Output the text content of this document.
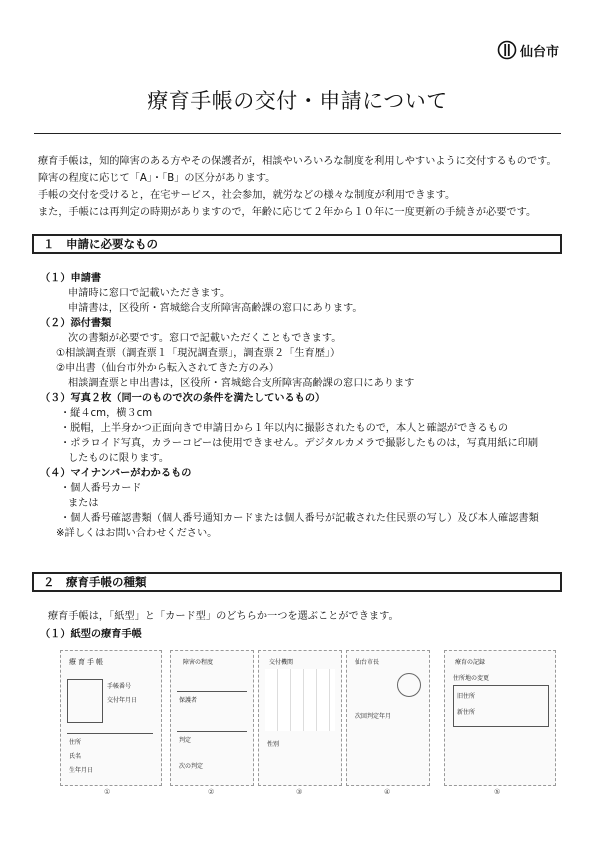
仙台市
療育手帳の交付・申請について

療育手帳は，知的障害のある方やその保護者が，相談やいろいろな制度を利用しやすいように交付するものです。障害の程度に応じて「A」・「B」の区分があります。

手帳の交付を受けると，在宅サービス，社会参加，就労などの様々な制度が利用できます。

また，手帳には再判定の時期がありますので，年齢に応じて２年から１０年に一度更新の手続きが必要です。

１　申請に必要なもの
（１）申請書
申請時に窓口で記載いただきます。
申請書は，区役所・宮城総合支所障害高齢課の窓口にあります。
（２）添付書類
次の書類が必要です。窓口で記載いただくこともできます。
①相談調査票（調査票１「現況調査票」，調査票２「生育歴」）
②申出書（仙台市外から転入されてきた方のみ）
相談調査票と申出書は，区役所・宮城総合支所障害高齢課の窓口にあります
（３）写真２枚（同一のもので次の条件を満たしているもの）
・縦４cm，横３cm
・脱帽，上半身かつ正面向きで申請日から１年以内に撮影されたもので，本人と確認ができるもの
・ポラロイド写真，カラーコピーは使用できません。デジタルカメラで撮影したものは，写真用紙に印刷
したものに限ります。
（４）マイナンバーがわかるもの
・個人番号カード
または
・個人番号確認書類（個人番号通知カードまたは個人番号が記載された住民票の写し）及び本人確認書類
※詳しくはお問い合わせください。
２　療育手帳の種類
療育手帳は，「紙型」と「カード型」のどちらか一つを選ぶことができます。
（１）紙型の療育手帳
療育手帳
手帳番号
交付年月日
住所
氏名
生年月日
障害の程度
保護者
判定
次の判定
交付機関
性別
仙台市長
次回判定年月
療育の記録
住所地の変更
旧住所
新住所
①	②	③	④	⑤
